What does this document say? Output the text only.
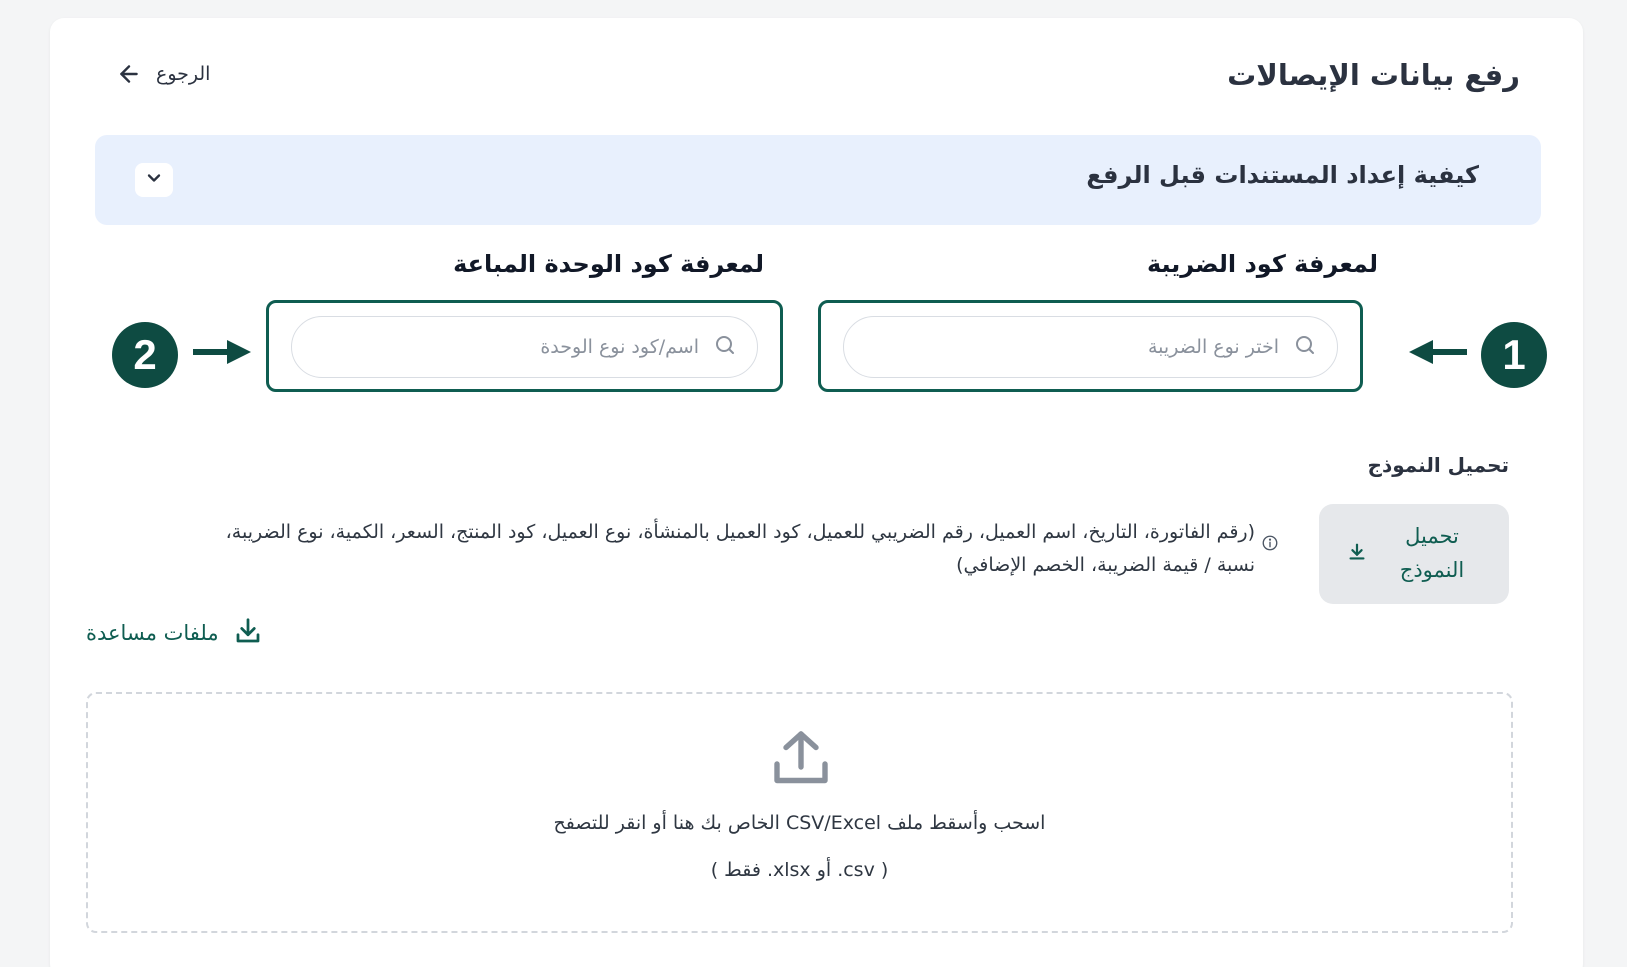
رفع بيانات الإيصالات
الرجوع
كيفية إعداد المستندات قبل الرفع
لمعرفة كود الضريبة
اختر نوع الضريبة
1
لمعرفة كود الوحدة المباعة
اسم/كود نوع الوحدة
2
تحميل النموذج
تحميل النموذج
(رقم الفاتورة، التاريخ، اسم العميل، رقم الضريبي للعميل، كود العميل بالمنشأة، نوع العميل، كود المنتج، السعر، الكمية، نوع الضريبة، نسبة / قيمة الضريبة، الخصم الإضافي)
ملفات مساعدة
اسحب وأسقط ملف CSV/Excel الخاص بك هنا أو انقر للتصفح
( csv. أو xlsx. فقط )
